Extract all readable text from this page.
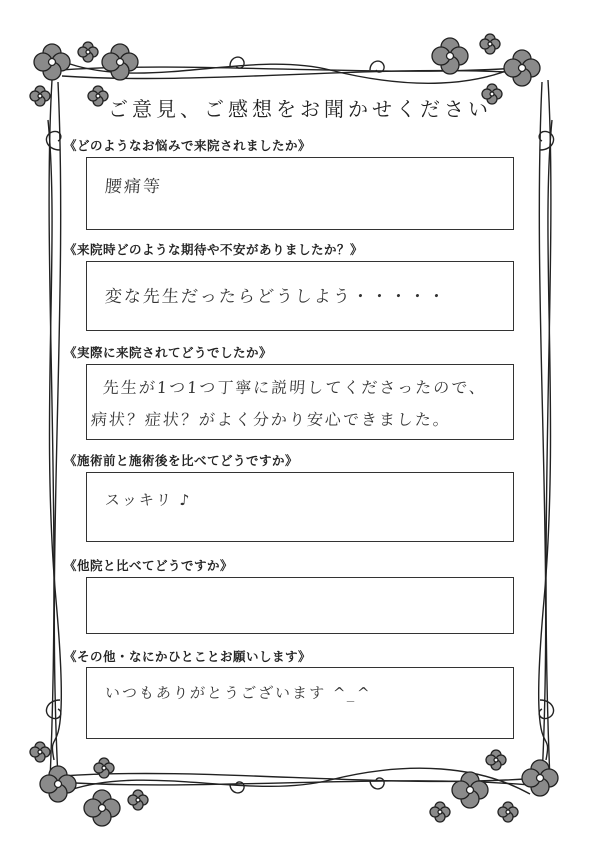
ご意見、ご感想をお聞かせください
《どのようなお悩みで来院されましたか》
腰痛等
《来院時どのような期待や不安がありましたか？》
変な先生だったらどうしよう・・・・・
《実際に来院されてどうでしたか》
先生が1つ1つ丁寧に説明してくださったので、
病状？症状？がよく分かり安心できました。
《施術前と施術後を比べてどうですか》
スッキリ ♪
《他院と比べてどうですか》
《その他・なにかひとことお願いします》
いつもありがとうございます ^_^
